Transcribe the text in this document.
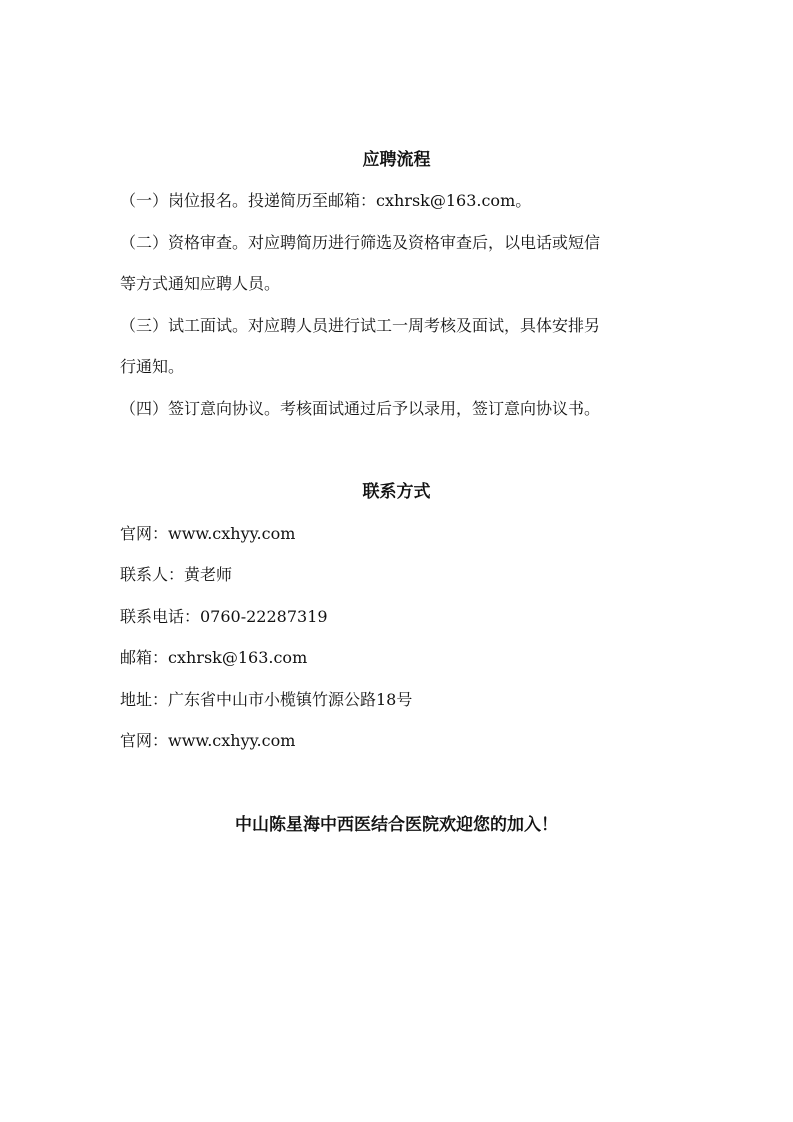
应聘流程
（一）岗位报名。投递简历至邮箱：cxhrsk@163.com。
（二）资格审查。对应聘简历进行筛选及资格审查后，以电话或短信
等方式通知应聘人员。
（三）试工面试。对应聘人员进行试工一周考核及面试，具体安排另
行通知。
（四）签订意向协议。考核面试通过后予以录用，签订意向协议书。
联系方式
官网：www.cxhyy.com
联系人：黄老师
联系电话：0760-22287319
邮箱：cxhrsk@163.com
地址：广东省中山市小榄镇竹源公路18号
官网：www.cxhyy.com
中山陈星海中西医结合医院欢迎您的加入！
